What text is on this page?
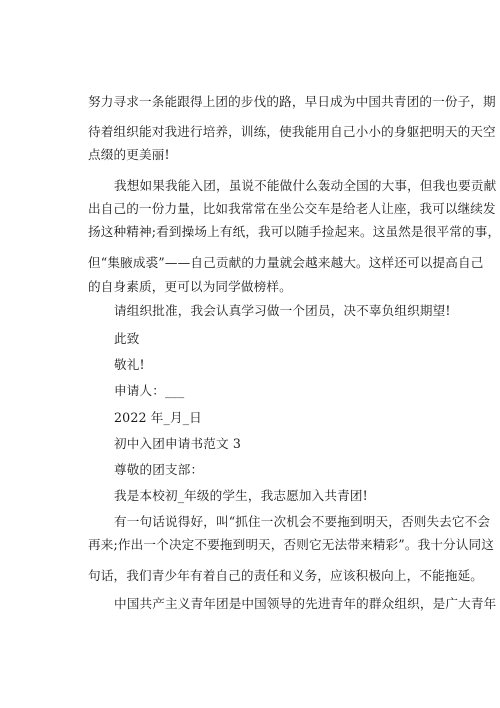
努力寻求一条能跟得上团的步伐的路，早日成为中国共青团的一份子，期
待着组织能对我进行培养，训练，使我能用自己小小的身躯把明天的天空
点缀的更美丽!
我想如果我能入团，虽说不能做什么轰动全国的大事，但我也要贡献
出自己的一份力量，比如我常常在坐公交车是给老人让座，我可以继续发
扬这种精神;看到操场上有纸，我可以随手捡起来。这虽然是很平常的事，
但“集腋成裘”——自己贡献的力量就会越来越大。这样还可以提高自己
的自身素质，更可以为同学做榜样。
请组织批准，我会认真学习做一个团员，决不辜负组织期望!
此致
敬礼!
申请人：___
2022 年_月_日
初中入团申请书范文 3
尊敬的团支部：
我是本校初_年级的学生，我志愿加入共青团!
有一句话说得好，叫“抓住一次机会不要拖到明天，否则失去它不会
再来;作出一个决定不要拖到明天，否则它无法带来精彩”。我十分认同这
句话，我们青少年有着自己的责任和义务，应该积极向上，不能拖延。
中国共产主义青年团是中国领导的先进青年的群众组织，是广大青年
